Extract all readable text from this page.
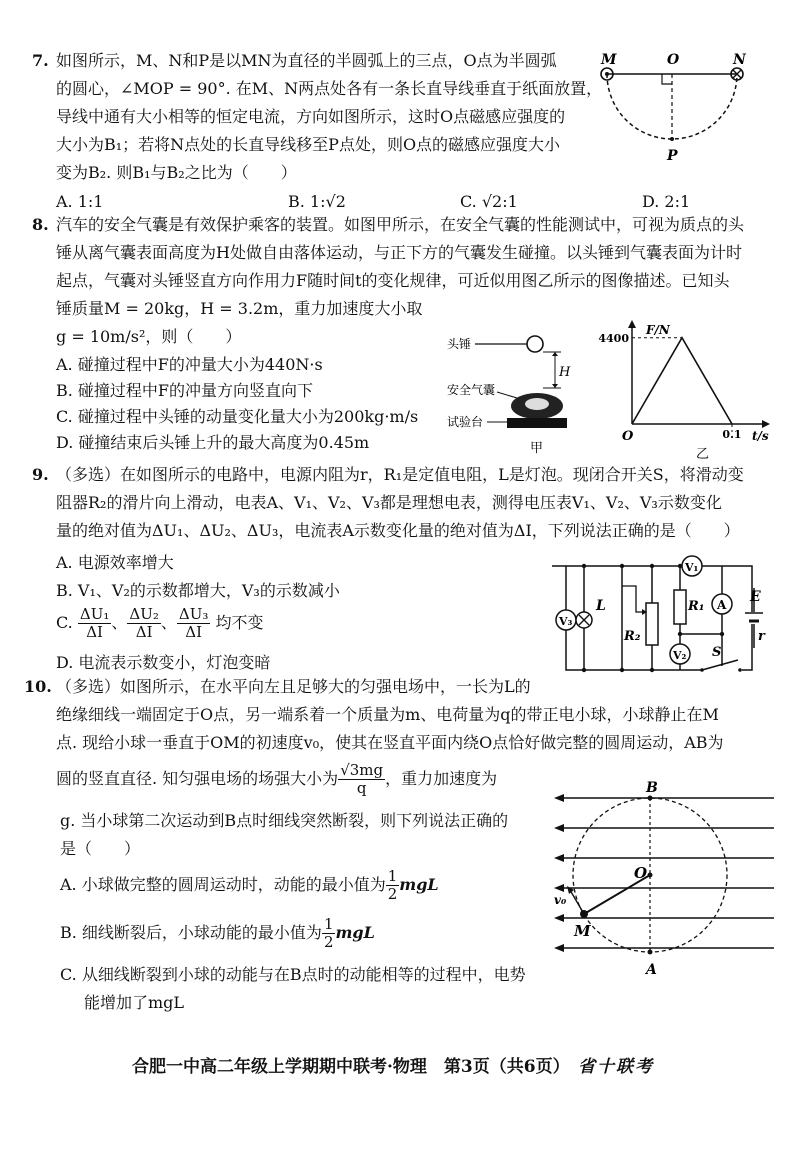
7. 如图所示，M、N和P是以MN为直径的半圆弧上的三点，O点为半圆弧
的圆心，∠MOP = 90°. 在M、N两点处各有一条长直导线垂直于纸面放置，
导线中通有大小相等的恒定电流，方向如图所示，这时O点磁感应强度的
大小为B₁；若将N点处的长直导线移至P点处，则O点的磁感应强度大小
变为B₂. 则B₁与B₂之比为（　　）
A. 1:1	B. 1:√2	C. √2:1	D. 2:1
M	O	N
P
8. 汽车的安全气囊是有效保护乘客的装置。如图甲所示，在安全气囊的性能测试中，可视为质点的头
锤从离气囊表面高度为H处做自由落体运动，与正下方的气囊发生碰撞。以头锤到气囊表面为计时
起点，气囊对头锤竖直方向作用力F随时间t的变化规律，可近似用图乙所示的图像描述。已知头
锤质量M = 20kg，H = 3.2m，重力加速度大小取
g = 10m/s²，则（　　）
A. 碰撞过程中F的冲量大小为440N·s
B. 碰撞过程中F的冲量方向竖直向下
C. 碰撞过程中头锤的动量变化量大小为200kg·m/s
D. 碰撞结束后头锤上升的最大高度为0.45m
头锤
H
安全气囊
试验台
甲
F/N
t/s
O
4400
0.1
乙
9. （多选）在如图所示的电路中，电源内阻为r，R₁是定值电阻，L是灯泡。现闭合开关S，将滑动变
阻器R₂的滑片向上滑动，电表A、V₁、V₂、V₃都是理想电表，测得电压表V₁、V₂、V₃示数变化
量的绝对值为ΔU₁、ΔU₂、ΔU₃，电流表A示数变化量的绝对值为ΔI，下列说法正确的是（　　）
A. 电源效率增大
B. V₁、V₂的示数都增大，V₃的示数减小
C. $\frac{\text{ΔU₁}}{\Delta I}$ 、 $\frac{\text{ΔU₂}}{\Delta I}$ 、 $\frac{\text{ΔU₃}}{\Delta I}$ 均不变
D. 电流表示数变小，灯泡变暗
V₃
L
R₂
R₁
V₁
A
V₂ S
E
r
10. （多选）如图所示，在水平向左且足够大的匀强电场中，一长为L的
绝缘细线一端固定于O点，另一端系着一个质量为m、电荷量为q的带正电小球，小球静止在M
点. 现给小球一垂直于OM的初速度v₀，使其在竖直平面内绕O点恰好做完整的圆周运动，AB为
圆的竖直直径. 知匀强电场的场强大小为 $\frac{√3mg}{q}$ ，重力加速度为
g. 当小球第二次运动到B点时细线突然断裂，则下列说法正确的
是（　　）
A. 小球做完整的圆周运动时，动能的最小值为 $\frac{1}{2}$ mgL
B. 细线断裂后，小球动能的最小值为 $\frac{1}{2}$ mgL
C. 从细线断裂到小球的动能与在B点时的动能相等的过程中，电势
能增加了mgL
B
A
O
M
v₀
合肥一中高二年级上学期期中联考·物理　第3页（共6页） 省十联考
